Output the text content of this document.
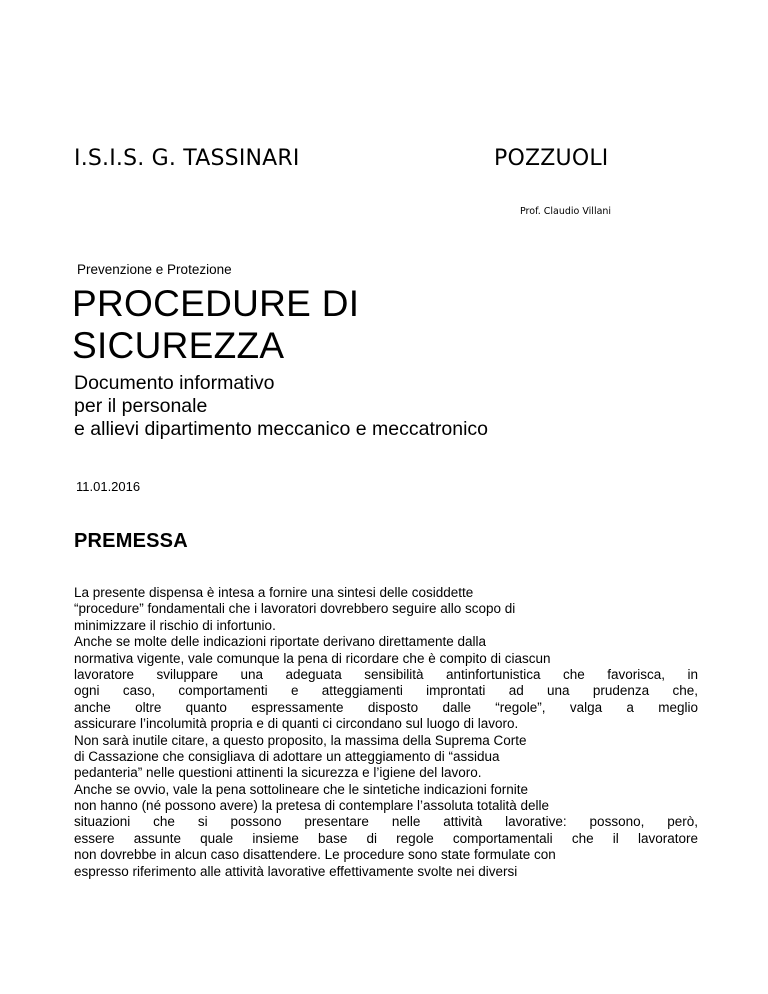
I.S.I.S. G. TASSINARI	POZZUOLI
Prof. Claudio Villani
Prevenzione e Protezione
PROCEDURE DI
SICUREZZA
Documento informativo
per il personale
e allievi dipartimento meccanico e meccatronico
11.01.2016
PREMESSA
La presente dispensa è intesa a fornire una sintesi delle cosiddette
“procedure” fondamentali che i lavoratori dovrebbero seguire allo scopo di
minimizzare il rischio di infortunio.
Anche se molte delle indicazioni riportate derivano direttamente dalla
normativa vigente, vale comunque la pena di ricordare che è compito di ciascun
lavoratore sviluppare una adeguata sensibilità antinfortunistica che favorisca, in
ogni caso, comportamenti e atteggiamenti improntati ad una prudenza che,
anche oltre quanto espressamente disposto dalle “regole”, valga a meglio
assicurare l’incolumità propria e di quanti ci circondano sul luogo di lavoro.
Non sarà inutile citare, a questo proposito, la massima della Suprema Corte
di Cassazione che consigliava di adottare un atteggiamento di “assidua
pedanteria” nelle questioni attinenti la sicurezza e l’igiene del lavoro.
Anche se ovvio, vale la pena sottolineare che le sintetiche indicazioni fornite
non hanno (né possono avere) la pretesa di contemplare l’assoluta totalità delle
situazioni che si possono presentare nelle attività lavorative: possono, però,
essere assunte quale insieme base di regole comportamentali che il lavoratore
non dovrebbe in alcun caso disattendere. Le procedure sono state formulate con
espresso riferimento alle attività lavorative effettivamente svolte nei diversi
